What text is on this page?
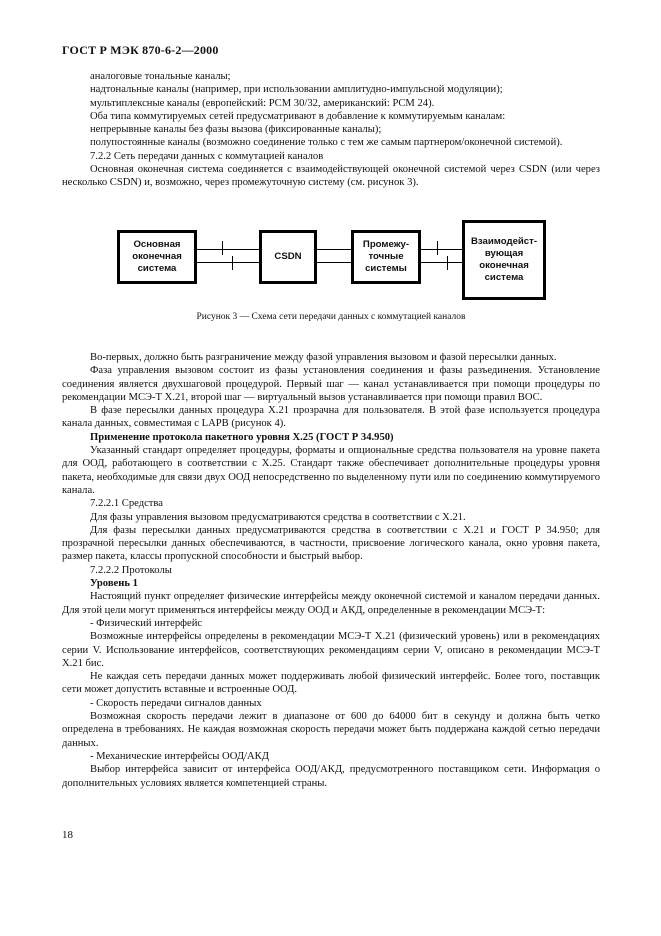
ГОСТ Р МЭК 870-6-2—2000

аналоговые тональные каналы;

надтональные каналы (например, при использовании амплитудно-импульсной модуляции);

мультиплексные каналы (европейский: PCM 30/32, американский: PCM 24).

Оба типа коммутируемых сетей предусматривают в добавление к коммутируемым каналам:

непрерывные каналы без фазы вызова (фиксированные каналы);

полупостоянные каналы (возможно соединение только с тем же самым партнером/оконечной системой).

7.2.2 Сеть передачи данных с коммутацией каналов

Основная оконечная система соединяется с взаимодействующей оконечной системой через CSDN (или через несколько CSDN) и, возможно, через промежуточную систему (см. рисунок 3).

Основная
оконечная
система
CSDN
Промежу-
точные
системы
Взаимодейст-
вующая
оконечная
система
Рисунок 3 — Схема сети передачи данных с коммутацией каналов

Во-первых, должно быть разграничение между фазой управления вызовом и фазой пересылки данных.

Фаза управления вызовом состоит из фазы установления соединения и фазы разъединения. Установление соединения является двухшаговой процедурой. Первый шаг — канал устанавливается при помощи процедуры по рекомендации МСЭ-Т Х.21, второй шаг — виртуальный вызов устанавливается при помощи правил ВОС.

В фазе пересылки данных процедура Х.21 прозрачна для пользователя. В этой фазе используется процедура канала данных, совместимая с LAPB (рисунок 4).

Применение протокола пакетного уровня Х.25 (ГОСТ Р 34.950)

Указанный стандарт определяет процедуры, форматы и опциональные средства пользователя на уровне пакета для ООД, работающего в соответствии с Х.25. Стандарт также обеспечивает дополнительные процедуры уровня пакета, необходимые для связи двух ООД непосредственно по выделенному пути или по соединению коммутируемого канала.

7.2.2.1 Средства

Для фазы управления вызовом предусматриваются средства в соответствии с Х.21.

Для фазы пересылки данных предусматриваются средства в соответствии с Х.21 и ГОСТ Р 34.950; для прозрачной пересылки данных обеспечиваются, в частности, присвоение логического канала, окно уровня пакета, размер пакета, классы пропускной способности и быстрый выбор.

7.2.2.2 Протоколы

Уровень 1

Настоящий пункт определяет физические интерфейсы между оконечной системой и каналом передачи данных. Для этой цели могут применяться интерфейсы между ООД и АКД, определенные в рекомендации МСЭ-Т:

- Физический интерфейс

Возможные интерфейсы определены в рекомендации МСЭ-Т Х.21 (физический уровень) или в рекомендациях серии V. Использование интерфейсов, соответствующих рекомендациям серии V, описано в рекомендации МСЭ-Т Х.21 бис.

Не каждая сеть передачи данных может поддерживать любой физический интерфейс. Более того, поставщик сети может допустить вставные и встроенные ООД.

- Скорость передачи сигналов данных

Возможная скорость передачи лежит в диапазоне от 600 до 64000 бит в секунду и должна быть четко определена в требованиях. Не каждая возможная скорость передачи может быть поддержана каждой сетью передачи данных.

- Механические интерфейсы ООД/АКД

Выбор интерфейса зависит от интерфейса ООД/АКД, предусмотренного поставщиком сети. Информация о дополнительных условиях является компетенцией страны.

18
